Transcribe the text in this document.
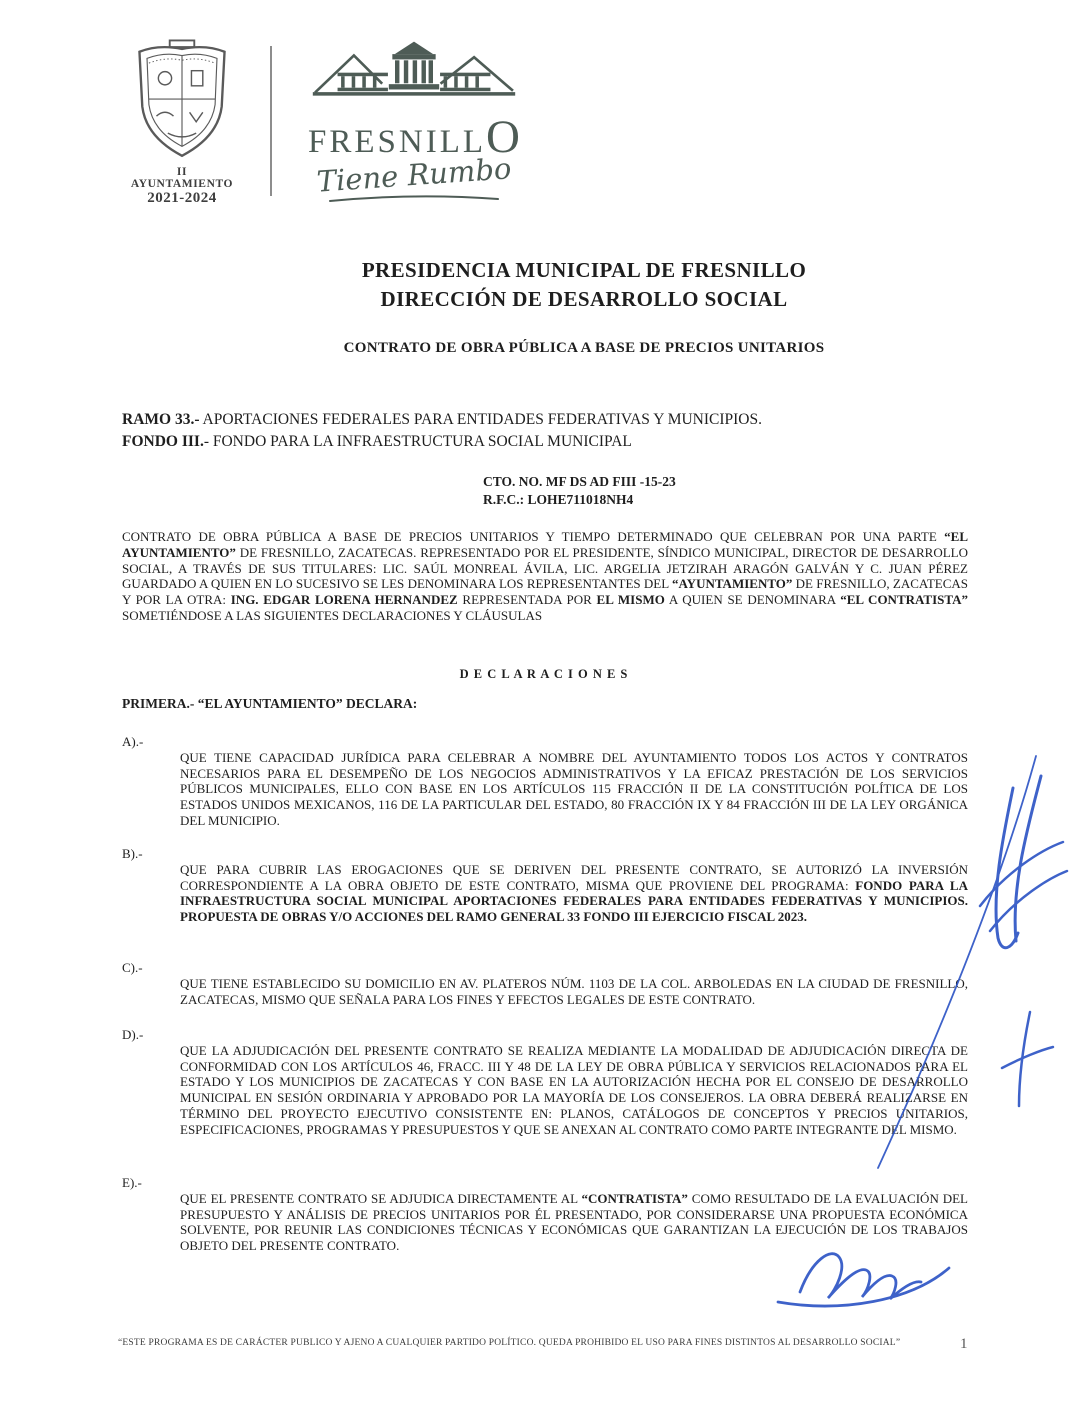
II AYUNTAMIENTO
2021-2024
FRESNILLO
Tiene Rumbo
PRESIDENCIA MUNICIPAL DE FRESNILLO
DIRECCIÓN DE DESARROLLO SOCIAL
CONTRATO DE OBRA PÚBLICA A BASE DE PRECIOS UNITARIOS
RAMO 33.- APORTACIONES FEDERALES PARA ENTIDADES FEDERATIVAS Y MUNICIPIOS.
FONDO III.- FONDO PARA LA INFRAESTRUCTURA SOCIAL MUNICIPAL
CTO. NO. MF DS AD FIII -15-23
R.F.C.: LOHE711018NH4

CONTRATO DE OBRA PÚBLICA A BASE DE PRECIOS UNITARIOS Y TIEMPO DETERMINADO QUE CELEBRAN POR UNA PARTE “EL AYUNTAMIENTO” DE FRESNILLO, ZACATECAS. REPRESENTADO POR EL PRESIDENTE, SÍNDICO MUNICIPAL, DIRECTOR DE DESARROLLO SOCIAL, A TRAVÉS DE SUS TITULARES: LIC. SAÚL MONREAL ÁVILA, LIC. ARGELIA JETZIRAH ARAGÓN GALVÁN Y C. JUAN PÉREZ GUARDADO A QUIEN EN LO SUCESIVO SE LES DENOMINARA LOS REPRESENTANTES DEL “AYUNTAMIENTO” DE FRESNILLO, ZACATECAS Y POR LA OTRA: ING. EDGAR LORENA HERNANDEZ REPRESENTADA POR EL MISMO A QUIEN SE DENOMINARA “EL CONTRATISTA” SOMETIÉNDOSE A LAS SIGUIENTES DECLARACIONES Y CLÁUSULAS

D E C L A R A C I O N E S
PRIMERA.- “EL AYUNTAMIENTO” DECLARA:
A).-

QUE TIENE CAPACIDAD JURÍDICA PARA CELEBRAR A NOMBRE DEL AYUNTAMIENTO TODOS LOS ACTOS Y CONTRATOS NECESARIOS PARA EL DESEMPEÑO DE LOS NEGOCIOS ADMINISTRATIVOS Y LA EFICAZ PRESTACIÓN DE LOS SERVICIOS PÚBLICOS MUNICIPALES, ELLO CON BASE EN LOS ARTÍCULOS 115 FRACCIÓN II DE LA CONSTITUCIÓN POLÍTICA DE LOS ESTADOS UNIDOS MEXICANOS, 116 DE LA PARTICULAR DEL ESTADO, 80 FRACCIÓN IX Y 84 FRACCIÓN III DE LA LEY ORGÁNICA DEL MUNICIPIO.

B).-

QUE PARA CUBRIR LAS EROGACIONES QUE SE DERIVEN DEL PRESENTE CONTRATO, SE AUTORIZÓ LA INVERSIÓN CORRESPONDIENTE A LA OBRA OBJETO DE ESTE CONTRATO, MISMA QUE PROVIENE DEL PROGRAMA: FONDO PARA LA INFRAESTRUCTURA SOCIAL MUNICIPAL APORTACIONES FEDERALES PARA ENTIDADES FEDERATIVAS Y MUNICIPIOS. PROPUESTA DE OBRAS Y/O ACCIONES DEL RAMO GENERAL 33 FONDO III EJERCICIO FISCAL 2023.

C).-

QUE TIENE ESTABLECIDO SU DOMICILIO EN AV. PLATEROS NÚM. 1103 DE LA COL. ARBOLEDAS EN LA CIUDAD DE FRESNILLO, ZACATECAS, MISMO QUE SEÑALA PARA LOS FINES Y EFECTOS LEGALES DE ESTE CONTRATO.

D).-

QUE LA ADJUDICACIÓN DEL PRESENTE CONTRATO SE REALIZA MEDIANTE LA MODALIDAD DE ADJUDICACIÓN DIRECTA DE CONFORMIDAD CON LOS ARTÍCULOS 46, FRACC. III Y 48 DE LA LEY DE OBRA PÚBLICA Y SERVICIOS RELACIONADOS PARA EL ESTADO Y LOS MUNICIPIOS DE ZACATECAS Y CON BASE EN LA AUTORIZACIÓN HECHA POR EL CONSEJO DE DESARROLLO MUNICIPAL EN SESIÓN ORDINARIA Y APROBADO POR LA MAYORÍA DE LOS CONSEJEROS. LA OBRA DEBERÁ REALIZARSE EN TÉRMINO DEL PROYECTO EJECUTIVO CONSISTENTE EN: PLANOS, CATÁLOGOS DE CONCEPTOS Y PRECIOS UNITARIOS, ESPECIFICACIONES, PROGRAMAS Y PRESUPUESTOS Y QUE SE ANEXAN AL CONTRATO COMO PARTE INTEGRANTE DEL MISMO.

E).-

QUE EL PRESENTE CONTRATO SE ADJUDICA DIRECTAMENTE AL “CONTRATISTA” COMO RESULTADO DE LA EVALUACIÓN DEL PRESUPUESTO Y ANÁLISIS DE PRECIOS UNITARIOS POR ÉL PRESENTADO, POR CONSIDERARSE UNA PROPUESTA ECONÓMICA SOLVENTE, POR REUNIR LAS CONDICIONES TÉCNICAS Y ECONÓMICAS QUE GARANTIZAN LA EJECUCIÓN DE LOS TRABAJOS OBJETO DEL PRESENTE CONTRATO.

“ESTE PROGRAMA ES DE CARÁCTER PUBLICO Y AJENO A CUALQUIER PARTIDO POLÍTICO. QUEDA PROHIBIDO EL USO PARA FINES DISTINTOS AL DESARROLLO SOCIAL”	1
